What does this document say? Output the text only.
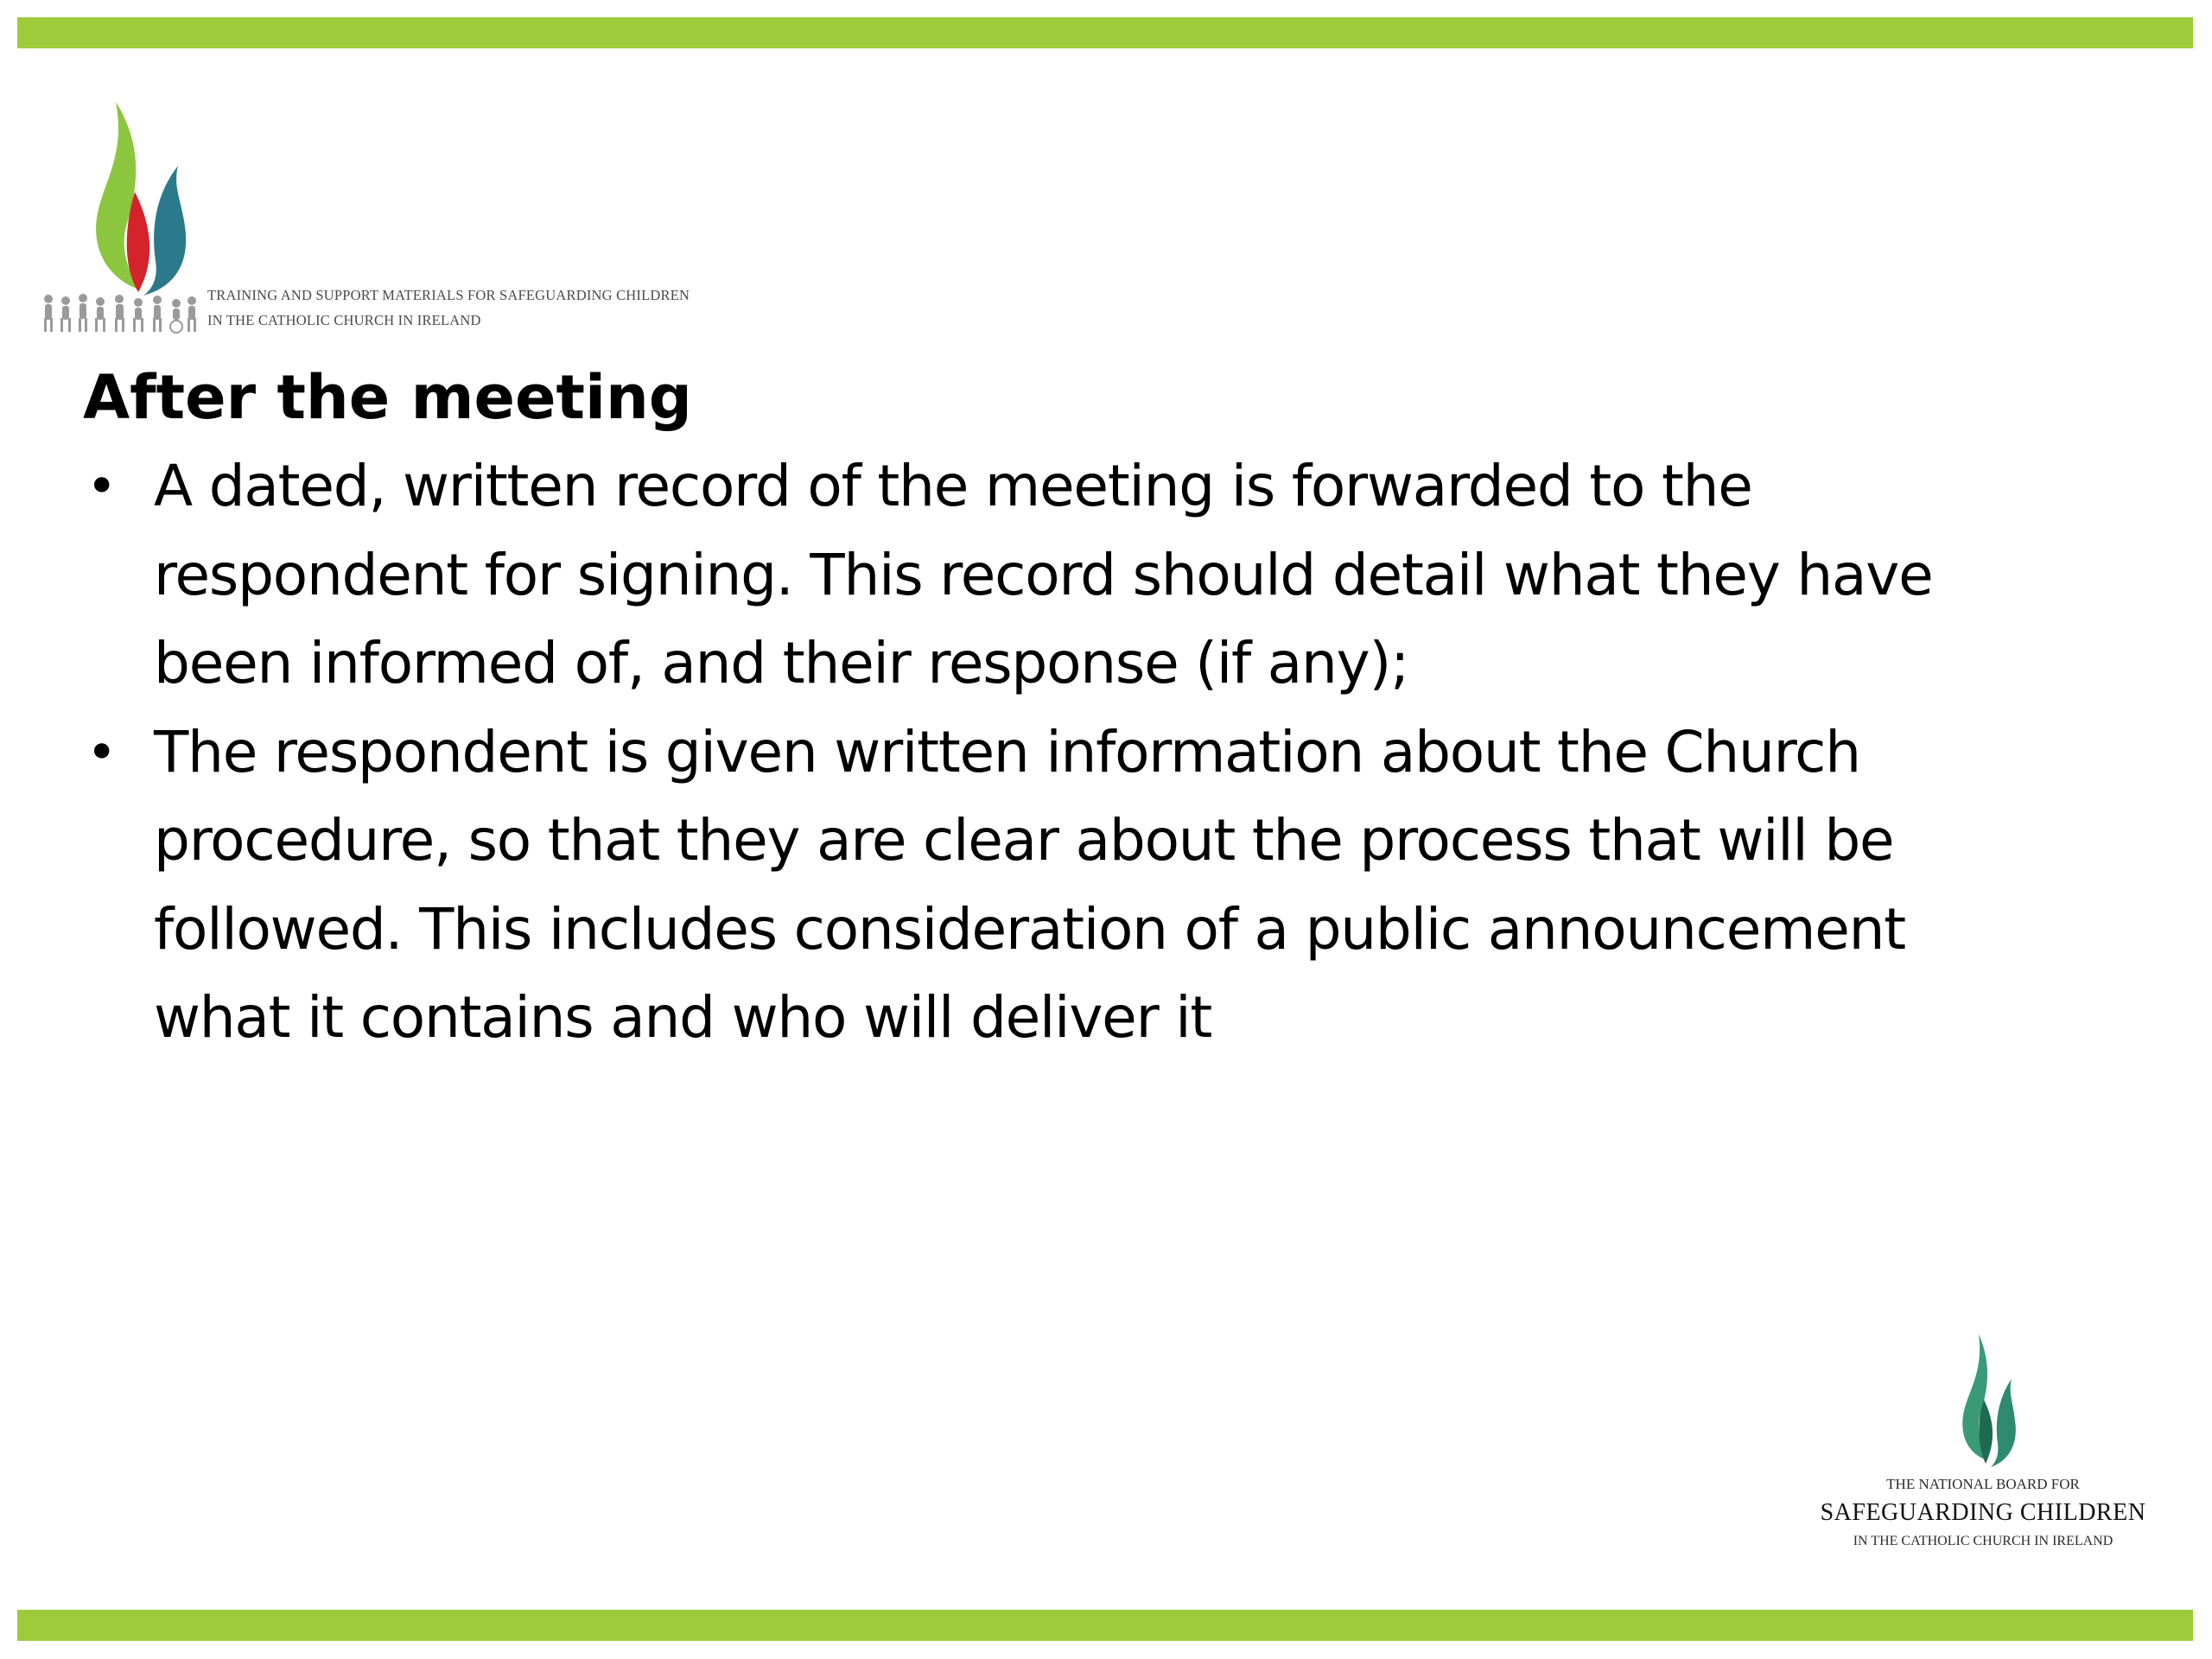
TRAINING AND SUPPORT MATERIALS FOR SAFEGUARDING CHILDREN
IN THE CATHOLIC CHURCH IN IRELAND
After the meeting
• A dated, written record of the meeting is forwarded to the
respondent for signing. This record should detail what they have
been informed of, and their response (if any);
• The respondent is given written information about the Church
procedure, so that they are clear about the process that will be
followed. This includes consideration of a public announcement
what it contains and who will deliver it
THE NATIONAL BOARD FOR
SAFEGUARDING CHILDREN
IN THE CATHOLIC CHURCH IN IRELAND
